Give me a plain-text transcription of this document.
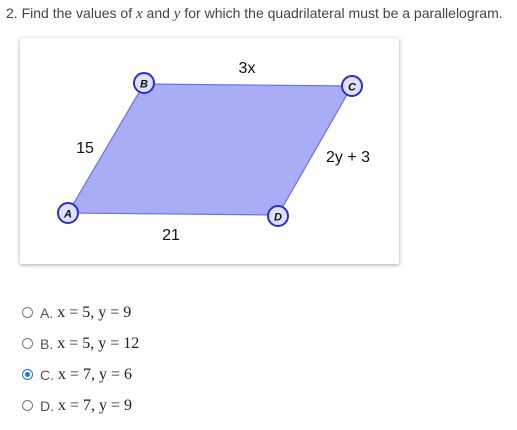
2. Find the values of x and y for which the quadrilateral must be a parallelogram.
B	C
A	D
3x
15
2y + 3
21
A. x = 5, y = 9
B. x = 5, y = 12
C. x = 7, y = 6
D. x = 7, y = 9
